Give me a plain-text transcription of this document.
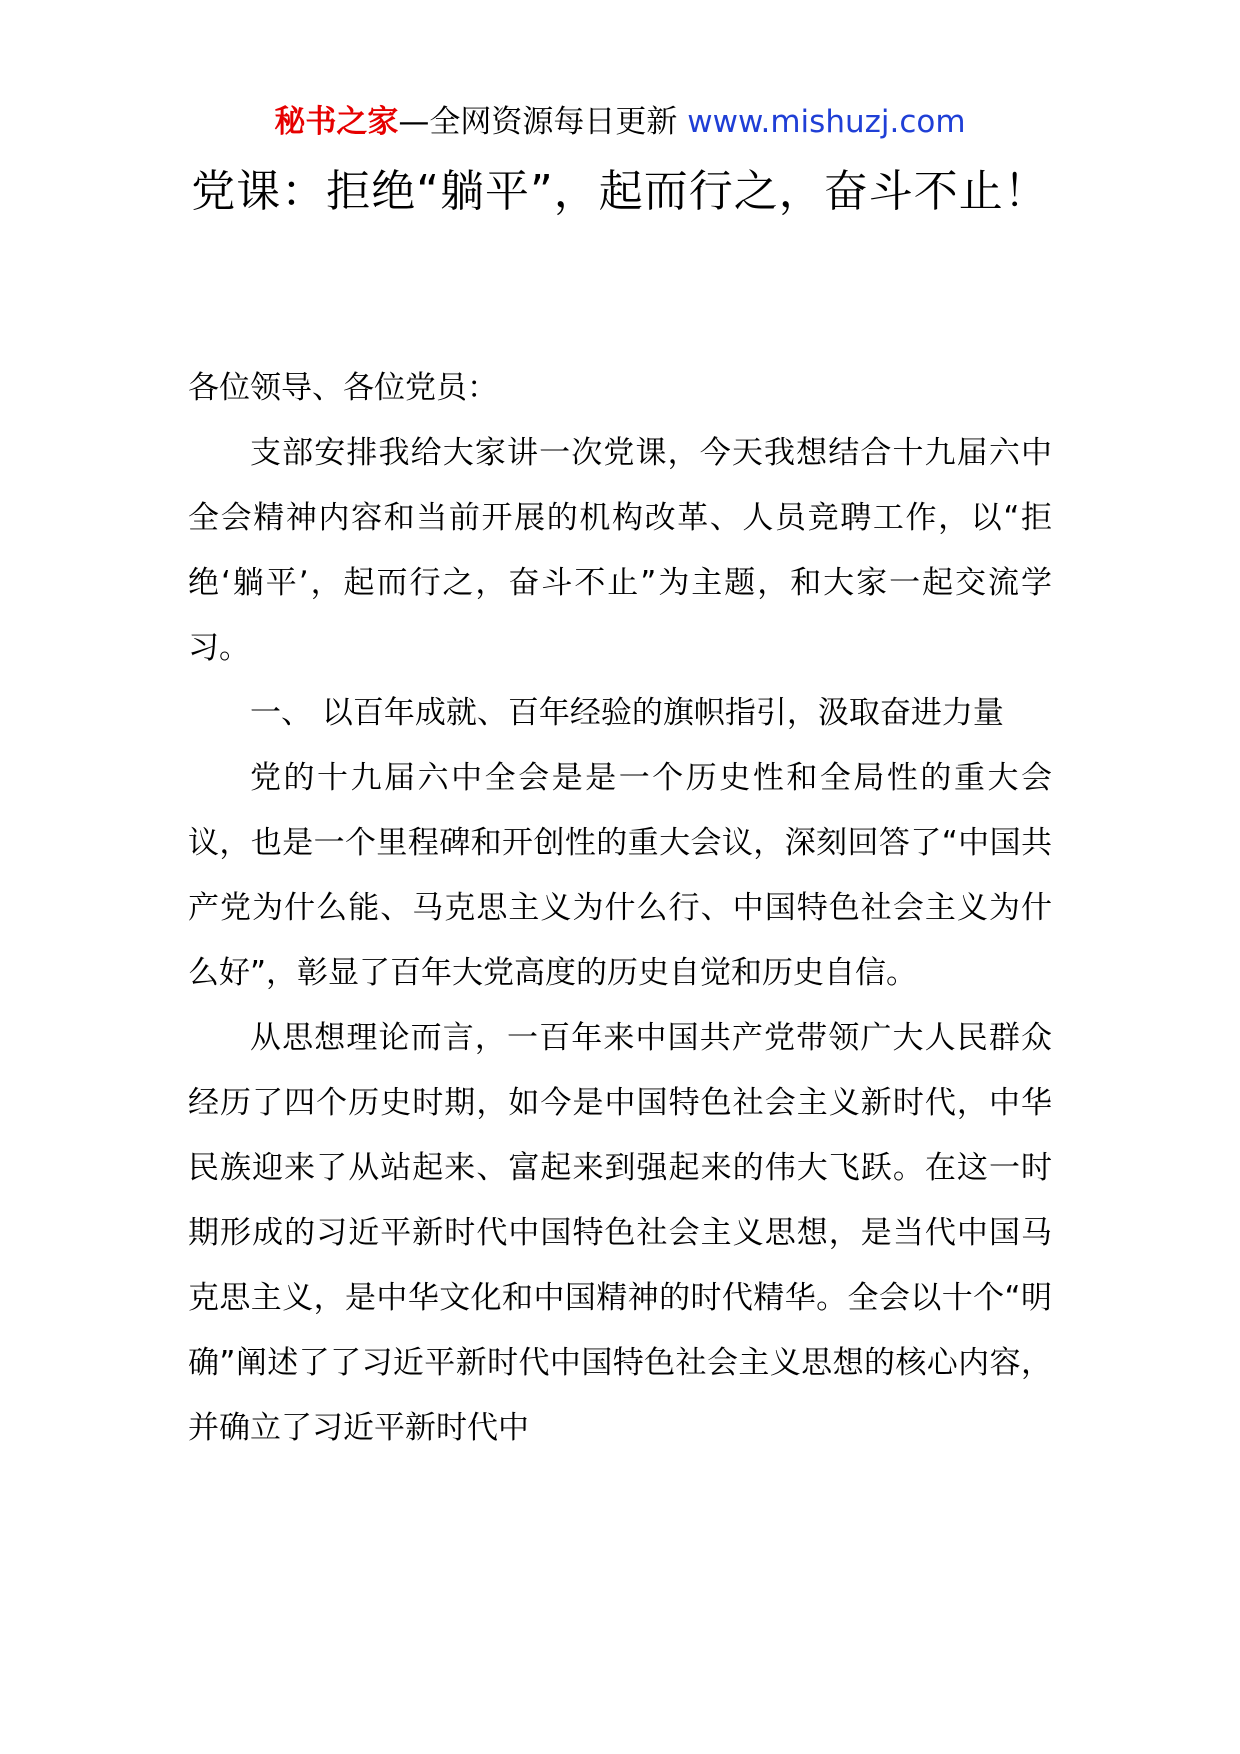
秘书之家—全网资源每日更新 www.mishuzj.com
党课：拒绝“躺平”，起而行之，奋斗不止！

各位领导、各位党员：

支部安排我给大家讲一次党课，今天我想结合十九届六中全会精神内容和当前开展的机构改革、人员竞聘工作，以“拒绝‘躺平’，起而行之，奋斗不止”为主题，和大家一起交流学习。

一、 以百年成就、百年经验的旗帜指引，汲取奋进力量

党的十九届六中全会是是一个历史性和全局性的重大会议，也是一个里程碑和开创性的重大会议，深刻回答了“中国共产党为什么能、马克思主义为什么行、中国特色社会主义为什么好”，彰显了百年大党高度的历史自觉和历史自信。

从思想理论而言，一百年来中国共产党带领广大人民群众经历了四个历史时期，如今是中国特色社会主义新时代，中华民族迎来了从站起来、富起来到强起来的伟大飞跃。在这一时期形成的习近平新时代中国特色社会主义思想，是当代中国马克思主义，是中华文化和中国精神的时代精华。全会以十个“明确”阐述了了习近平新时代中国特色社会主义思想的核心内容，并确立了习近平新时代中
